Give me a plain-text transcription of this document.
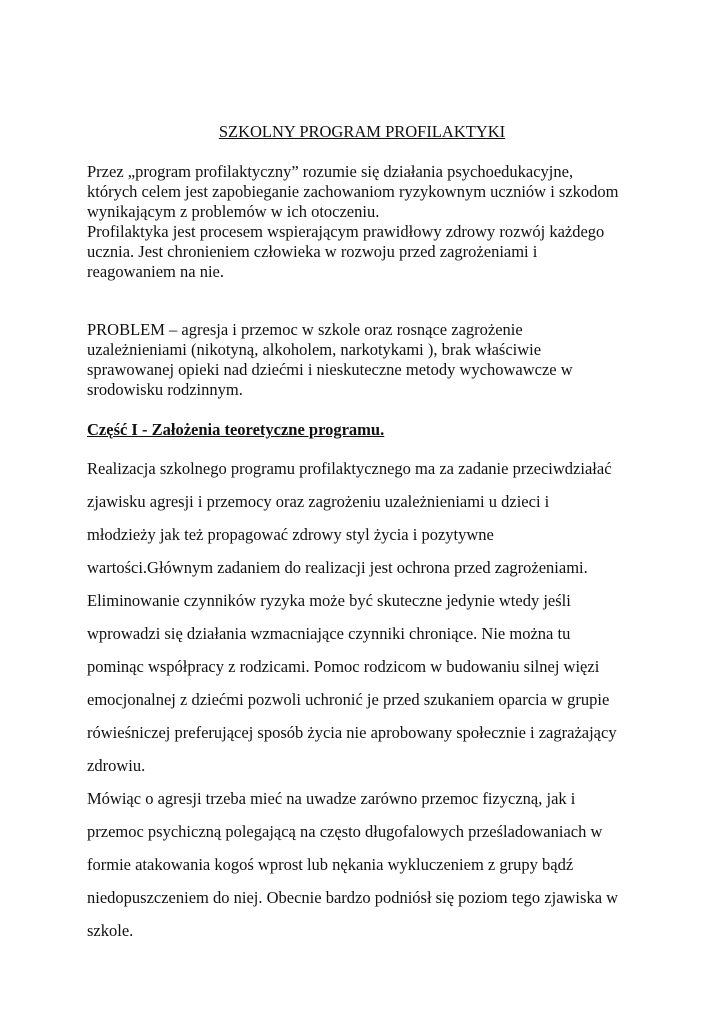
SZKOLNY PROGRAM PROFILAKTYKI
Przez „program profilaktyczny” rozumie się działania psychoedukacyjne,
których celem jest zapobieganie zachowaniom ryzykownym uczniów i szkodom
wynikającym z problemów w ich otoczeniu.
Profilaktyka jest procesem wspierającym prawidłowy zdrowy rozwój każdego
ucznia. Jest chronieniem człowieka w rozwoju przed zagrożeniami i
reagowaniem na nie.
PROBLEM – agresja i przemoc w szkole oraz rosnące zagrożenie
uzależnieniami (nikotyną, alkoholem, narkotykami ), brak właściwie
sprawowanej opieki nad dziećmi i nieskuteczne metody wychowawcze w
srodowisku rodzinnym.
Część I - Założenia teoretyczne programu.
Realizacja szkolnego programu profilaktycznego ma za zadanie przeciwdziałać
zjawisku agresji i przemocy oraz zagrożeniu uzależnieniami u dzieci i
młodzieży jak też propagować zdrowy styl życia i pozytywne
wartości.Głównym zadaniem do realizacji jest ochrona przed zagrożeniami.
Eliminowanie czynników ryzyka może być skuteczne jedynie wtedy jeśli
wprowadzi się działania wzmacniające czynniki chroniące. Nie można tu
pominąc współpracy z rodzicami. Pomoc rodzicom w budowaniu silnej więzi
emocjonalnej z dziećmi pozwoli uchronić je przed szukaniem oparcia w grupie
rówieśniczej preferującej sposób życia nie aprobowany społecznie i zagrażający
zdrowiu.
Mówiąc o agresji trzeba mieć na uwadze zarówno przemoc fizyczną, jak i
przemoc psychiczną polegającą na często długofalowych prześladowaniach w
formie atakowania kogoś wprost lub nękania wykluczeniem z grupy bądź
niedopuszczeniem do niej. Obecnie bardzo podniósł się poziom tego zjawiska w
szkole.
